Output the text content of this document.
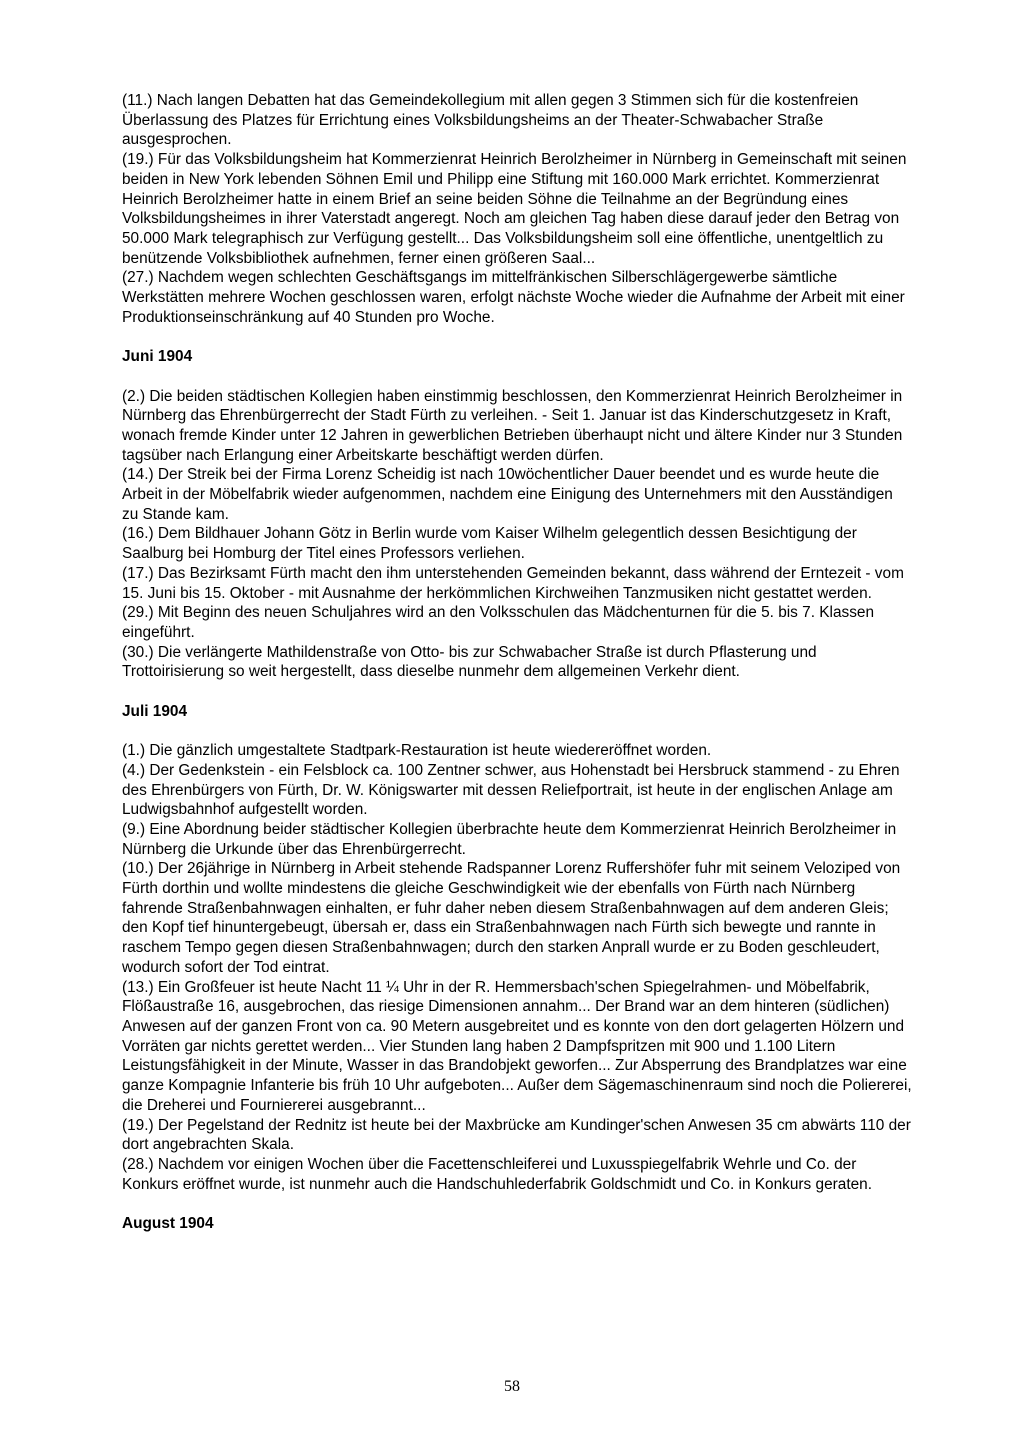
(11.) Nach langen Debatten hat das Gemeindekollegium mit allen gegen 3 Stimmen sich für die kostenfreien Überlassung des Platzes für Errichtung eines Volksbildungsheims an der Theater-Schwabacher Straße ausgesprochen.

(19.) Für das Volksbildungsheim hat Kommerzienrat Heinrich Berolzheimer in Nürnberg in Gemeinschaft mit seinen beiden in New York lebenden Söhnen Emil und Philipp eine Stiftung mit 160.000 Mark errichtet. Kommerzienrat Heinrich Berolzheimer hatte in einem Brief an seine beiden Söhne die Teilnahme an der Begründung eines Volksbildungsheimes in ihrer Vaterstadt angeregt. Noch am gleichen Tag haben diese darauf jeder den Betrag von 50.000 Mark telegraphisch zur Verfügung gestellt... Das Volksbildungsheim soll eine öffentliche, unentgeltlich zu benützende Volksbibliothek aufnehmen, ferner einen größeren Saal...

(27.) Nachdem wegen schlechten Geschäftsgangs im mittelfränkischen Silberschlägergewerbe sämtliche Werkstätten mehrere Wochen geschlossen waren, erfolgt nächste Woche wieder die Aufnahme der Arbeit mit einer Produktionseinschränkung auf 40 Stunden pro Woche.

Juni 1904

(2.) Die beiden städtischen Kollegien haben einstimmig beschlossen, den Kommerzienrat Heinrich Berolzheimer in Nürnberg das Ehrenbürgerrecht der Stadt Fürth zu verleihen. - Seit 1. Januar ist das Kinderschutzgesetz in Kraft, wonach fremde Kinder unter 12 Jahren in gewerblichen Betrieben überhaupt nicht und ältere Kinder nur 3 Stunden tagsüber nach Erlangung einer Arbeitskarte beschäftigt werden dürfen.

(14.) Der Streik bei der Firma Lorenz Scheidig ist nach 10wöchentlicher Dauer beendet und es wurde heute die Arbeit in der Möbelfabrik wieder aufgenommen, nachdem eine Einigung des Unternehmers mit den Ausständigen zu Stande kam.

(16.) Dem Bildhauer Johann Götz in Berlin wurde vom Kaiser Wilhelm gelegentlich dessen Besichtigung der Saalburg bei Homburg der Titel eines Professors verliehen.

(17.) Das Bezirksamt Fürth macht den ihm unterstehenden Gemeinden bekannt, dass während der Erntezeit - vom 15. Juni bis 15. Oktober - mit Ausnahme der herkömmlichen Kirchweihen Tanzmusiken nicht gestattet werden.

(29.) Mit Beginn des neuen Schuljahres wird an den Volksschulen das Mädchenturnen für die 5. bis 7. Klassen eingeführt.

(30.) Die verlängerte Mathildenstraße von Otto- bis zur Schwabacher Straße ist durch Pflasterung und Trottoirisierung so weit hergestellt, dass dieselbe nunmehr dem allgemeinen Verkehr dient.

Juli 1904

(1.) Die gänzlich umgestaltete Stadtpark-Restauration ist heute wiedereröffnet worden.

(4.) Der Gedenkstein - ein Felsblock ca. 100 Zentner schwer, aus Hohenstadt bei Hersbruck stammend - zu Ehren des Ehrenbürgers von Fürth, Dr. W. Königswarter mit dessen Reliefportrait, ist heute in der englischen Anlage am Ludwigsbahnhof aufgestellt worden.

(9.) Eine Abordnung beider städtischer Kollegien überbrachte heute dem Kommerzienrat Heinrich Berolzheimer in Nürnberg die Urkunde über das Ehrenbürgerrecht.

(10.) Der 26jährige in Nürnberg in Arbeit stehende Radspanner Lorenz Ruffershöfer fuhr mit seinem Veloziped von Fürth dorthin und wollte mindestens die gleiche Geschwindigkeit wie der ebenfalls von Fürth nach Nürnberg fahrende Straßenbahnwagen einhalten, er fuhr daher neben diesem Straßenbahnwagen auf dem anderen Gleis; den Kopf tief hinuntergebeugt, übersah er, dass ein Straßenbahnwagen nach Fürth sich bewegte und rannte in raschem Tempo gegen diesen Straßenbahnwagen; durch den starken Anprall wurde er zu Boden geschleudert, wodurch sofort der Tod eintrat.

(13.) Ein Großfeuer ist heute Nacht 11 ¼ Uhr in der R. Hemmersbach'schen Spiegelrahmen- und Möbelfabrik, Flößaustraße 16, ausgebrochen, das riesige Dimensionen annahm... Der Brand war an dem hinteren (südlichen) Anwesen auf der ganzen Front von ca. 90 Metern ausgebreitet und es konnte von den dort gelagerten Hölzern und Vorräten gar nichts gerettet werden... Vier Stunden lang haben 2 Dampfspritzen mit 900 und 1.100 Litern Leistungsfähigkeit in der Minute, Wasser in das Brandobjekt geworfen... Zur Absperrung des Brandplatzes war eine ganze Kompagnie Infanterie bis früh 10 Uhr aufgeboten... Außer dem Sägemaschinenraum sind noch die Poliererei, die Dreherei und Fourniererei ausgebrannt...

(19.) Der Pegelstand der Rednitz ist heute bei der Maxbrücke am Kundinger'schen Anwesen 35 cm abwärts 110 der dort angebrachten Skala.

(28.) Nachdem vor einigen Wochen über die Facettenschleiferei und Luxusspiegelfabrik Wehrle und Co. der Konkurs eröffnet wurde, ist nunmehr auch die Handschuhlederfabrik Goldschmidt und Co. in Konkurs geraten.

August 1904

58
